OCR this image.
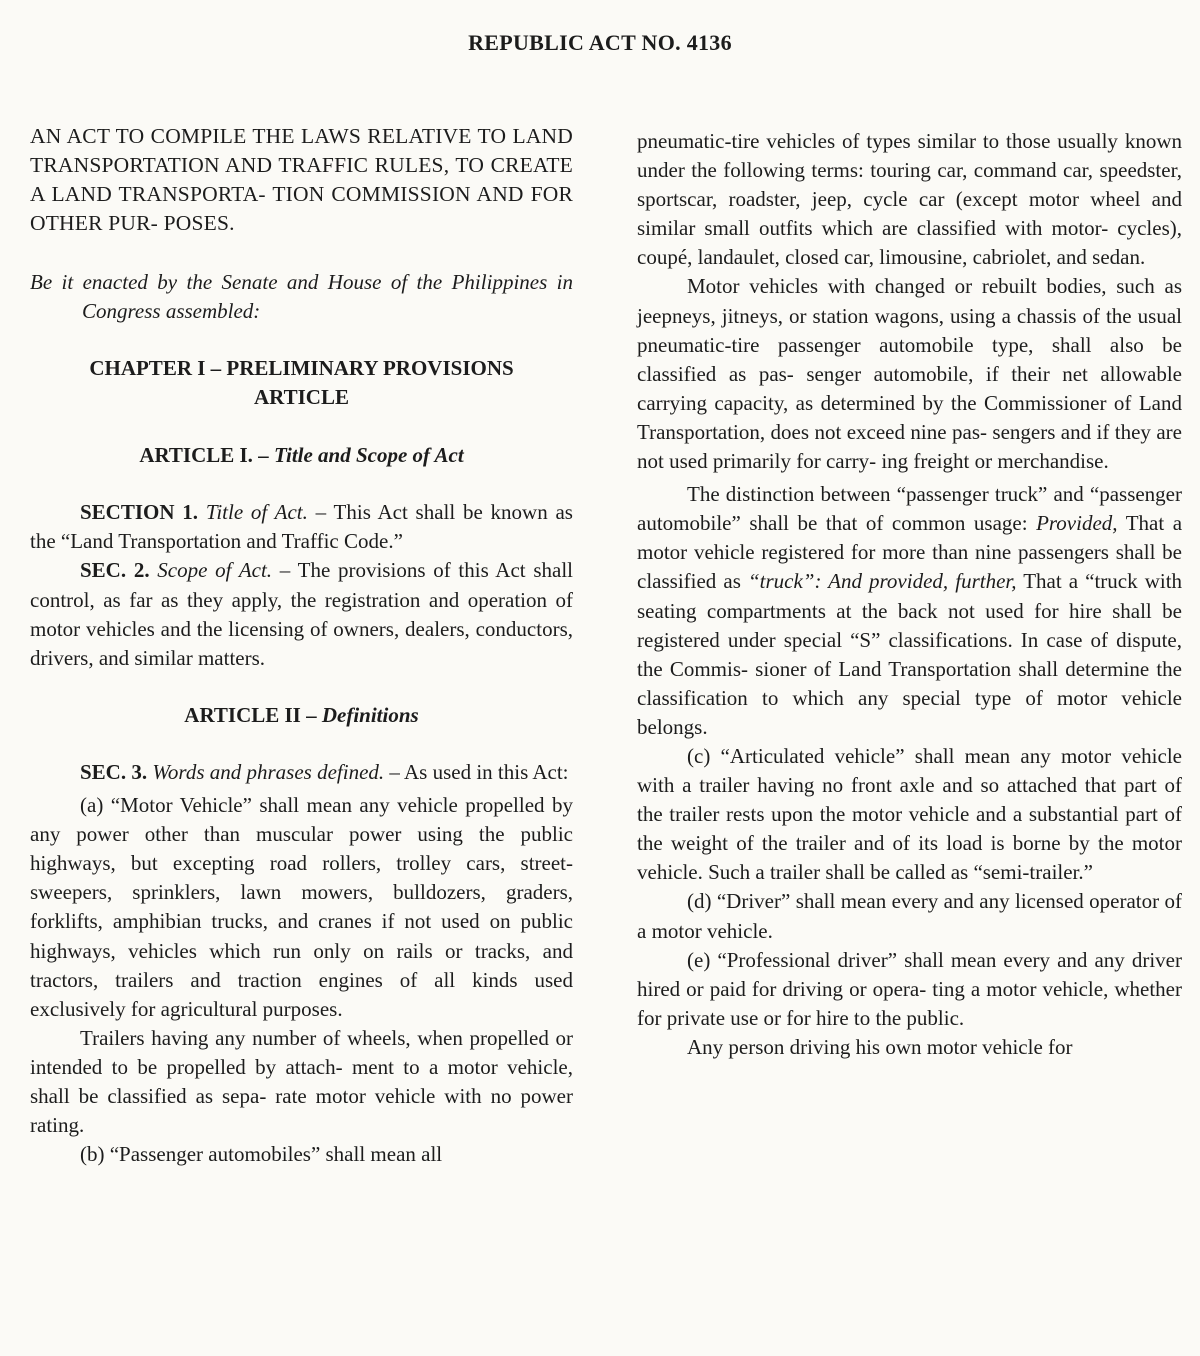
REPUBLIC ACT NO. 4136

AN ACT TO COMPILE THE LAWS RELATIVE TO LAND TRANSPORTATION AND TRAFFIC RULES, TO CREATE A LAND TRANSPORTA- TION COMMISSION AND FOR OTHER PUR- POSES.

Be it enacted by the Senate and House of the Philippines in Congress assembled:

CHAPTER I – PRELIMINARY PROVISIONS
ARTICLE
ARTICLE I. – Title and Scope of Act

SECTION 1. Title of Act. – This Act shall be known as the “Land Transportation and Traffic Code.”

SEC. 2. Scope of Act. – The provisions of this Act shall control, as far as they apply, the registration and operation of motor vehicles and the licensing of owners, dealers, conductors, drivers, and similar matters.

ARTICLE II – Definitions

SEC. 3. Words and phrases defined. – As used in this Act:

(a) “Motor Vehicle” shall mean any vehicle propelled by any power other than muscular power using the public highways, but excepting road rollers, trolley cars, street-sweepers, sprinklers, lawn mowers, bulldozers, graders, forklifts, amphibian trucks, and cranes if not used on public highways, vehicles which run only on rails or tracks, and tractors, trailers and traction engines of all kinds used exclusively for agricultural purposes.

Trailers having any number of wheels, when propelled or intended to be propelled by attach- ment to a motor vehicle, shall be classified as sepa- rate motor vehicle with no power rating.

(b) “Passenger automobiles” shall mean all

pneumatic-tire vehicles of types similar to those usually known under the following terms: touring car, command car, speedster, sportscar, roadster, jeep, cycle car (except motor wheel and similar small outfits which are classified with motor- cycles), coupé, landaulet, closed car, limousine, cabriolet, and sedan.

Motor vehicles with changed or rebuilt bodies, such as jeepneys, jitneys, or station wagons, using a chassis of the usual pneumatic-tire passenger automobile type, shall also be classified as pas- senger automobile, if their net allowable carrying capacity, as determined by the Commissioner of Land Transportation, does not exceed nine pas- sengers and if they are not used primarily for carry- ing freight or merchandise.

The distinction between “passenger truck” and “passenger automobile” shall be that of common usage: Provided, That a motor vehicle registered for more than nine passengers shall be classified as “truck”: And provided, further, That a “truck with seating compartments at the back not used for hire shall be registered under special “S” classifications. In case of dispute, the Commis- sioner of Land Transportation shall determine the classification to which any special type of motor vehicle belongs.

(c) “Articulated vehicle” shall mean any motor vehicle with a trailer having no front axle and so attached that part of the trailer rests upon the motor vehicle and a substantial part of the weight of the trailer and of its load is borne by the motor vehicle. Such a trailer shall be called as “semi-trailer.”

(d) “Driver” shall mean every and any licensed operator of a motor vehicle.

(e) “Professional driver” shall mean every and any driver hired or paid for driving or opera- ting a motor vehicle, whether for private use or for hire to the public.

Any person driving his own motor vehicle for
